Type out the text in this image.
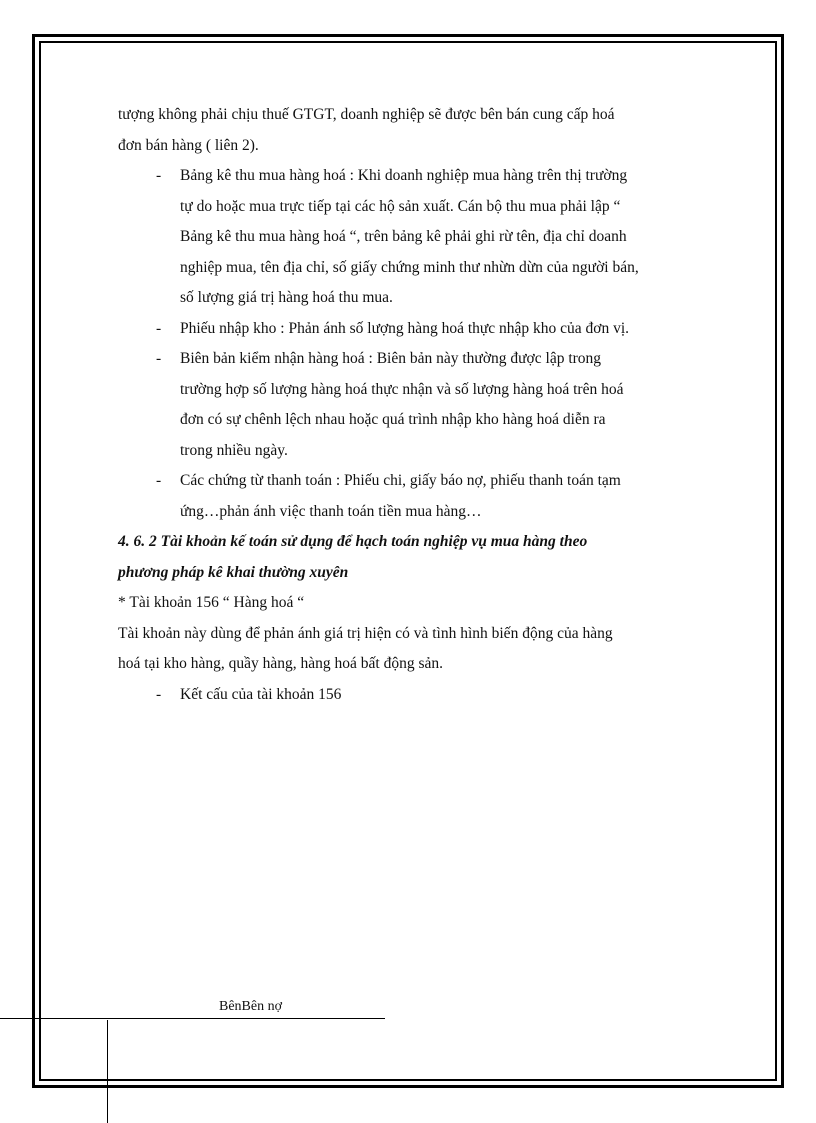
tượng không phải chịu thuế GTGT, doanh nghiệp sẽ được bên bán cung cấp hoá

đơn bán hàng ( liên 2).

- Bảng kê thu mua hàng hoá : Khi doanh nghiệp mua hàng trên thị trường

tự do hoặc mua trực tiếp tại các hộ sản xuất. Cán bộ thu mua phải lập “

Bảng kê thu mua hàng hoá “, trên bảng kê phải ghi rừ tên, địa chỉ doanh

nghiệp mua, tên địa chỉ, số giấy chứng minh thư nhừn dừn của người bán,

số lượng giá trị hàng hoá thu mua.

- Phiếu nhập kho : Phản ánh số lượng hàng hoá thực nhập kho của đơn vị.

- Biên bản kiểm nhận hàng hoá : Biên bản này thường được lập trong

trường hợp số lượng hàng hoá thực nhận và số lượng hàng hoá trên hoá

đơn có sự chênh lệch nhau hoặc quá trình nhập kho hàng hoá diễn ra

trong nhiều ngày.

- Các chứng từ thanh toán : Phiếu chi, giấy báo nợ, phiếu thanh toán tạm

ứng…phản ánh việc thanh toán tiền mua hàng…

4. 6. 2 Tài khoản kế toán sử dụng để hạch toán nghiệp vụ mua hàng theo

phương pháp kê khai thường xuyên

* Tài khoản 156 “ Hàng hoá “

Tài khoản này dùng để phản ánh giá trị hiện có và tình hình biến động của hàng

hoá tại kho hàng, quầy hàng, hàng hoá bất động sản.

- Kết cấu của tài khoản 156

BênBên nợ
